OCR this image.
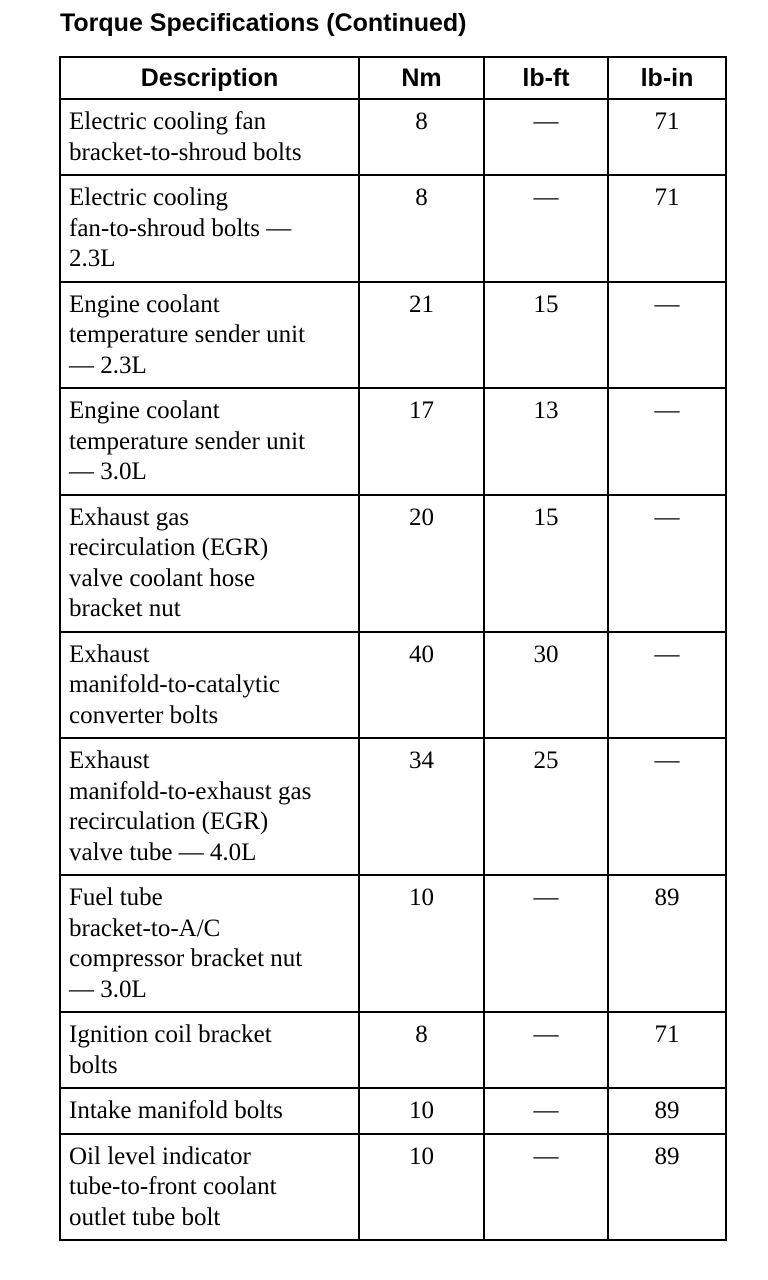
Torque Specifications (Continued)
Description	Nm	lb-ft	lb-in

Electric cooling fan
bracket-to-shroud bolts	8	—	71

Electric cooling
fan-to-shroud bolts —
2.3L	8	—	71

Engine coolant
temperature sender unit
— 2.3L	21	15	—

Engine coolant
temperature sender unit
— 3.0L	17	13	—

Exhaust gas
recirculation (EGR)
valve coolant hose
bracket nut	20	15	—

Exhaust
manifold-to-catalytic
converter bolts	40	30	—

Exhaust
manifold-to-exhaust gas
recirculation (EGR)
valve tube — 4.0L	34	25	—

Fuel tube
bracket-to-A/C
compressor bracket nut
— 3.0L	10	—	89

Ignition coil bracket
bolts	8	—	71

Intake manifold bolts	10	—	89

Oil level indicator
tube-to-front coolant
outlet tube bolt	10	—	89
